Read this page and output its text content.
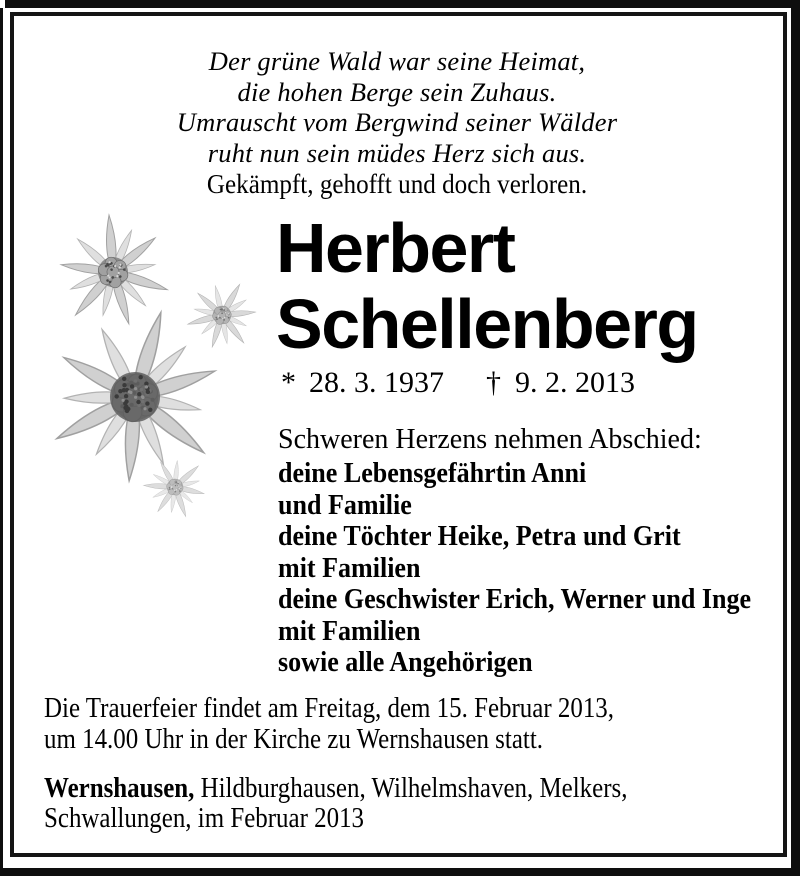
Der grüne Wald war seine Heimat,
die hohen Berge sein Zuhaus.
Umrauscht vom Bergwind seiner Wälder
ruht nun sein müdes Herz sich aus.
Gekämpft, gehofft und doch verloren.
Herbert
Schellenberg
* 28. 3. 1937 † 9. 2. 2013
Schweren Herzens nehmen Abschied:
deine Lebensgefährtin Anni
und Familie
deine Töchter Heike, Petra und Grit
mit Familien
deine Geschwister Erich, Werner und Inge
mit Familien
sowie alle Angehörigen
Die Trauerfeier findet am Freitag, dem 15. Februar 2013,
um 14.00 Uhr in der Kirche zu Wernshausen statt.
Wernshausen, Hildburghausen, Wilhelmshaven, Melkers,
Schwallungen, im Februar 2013
